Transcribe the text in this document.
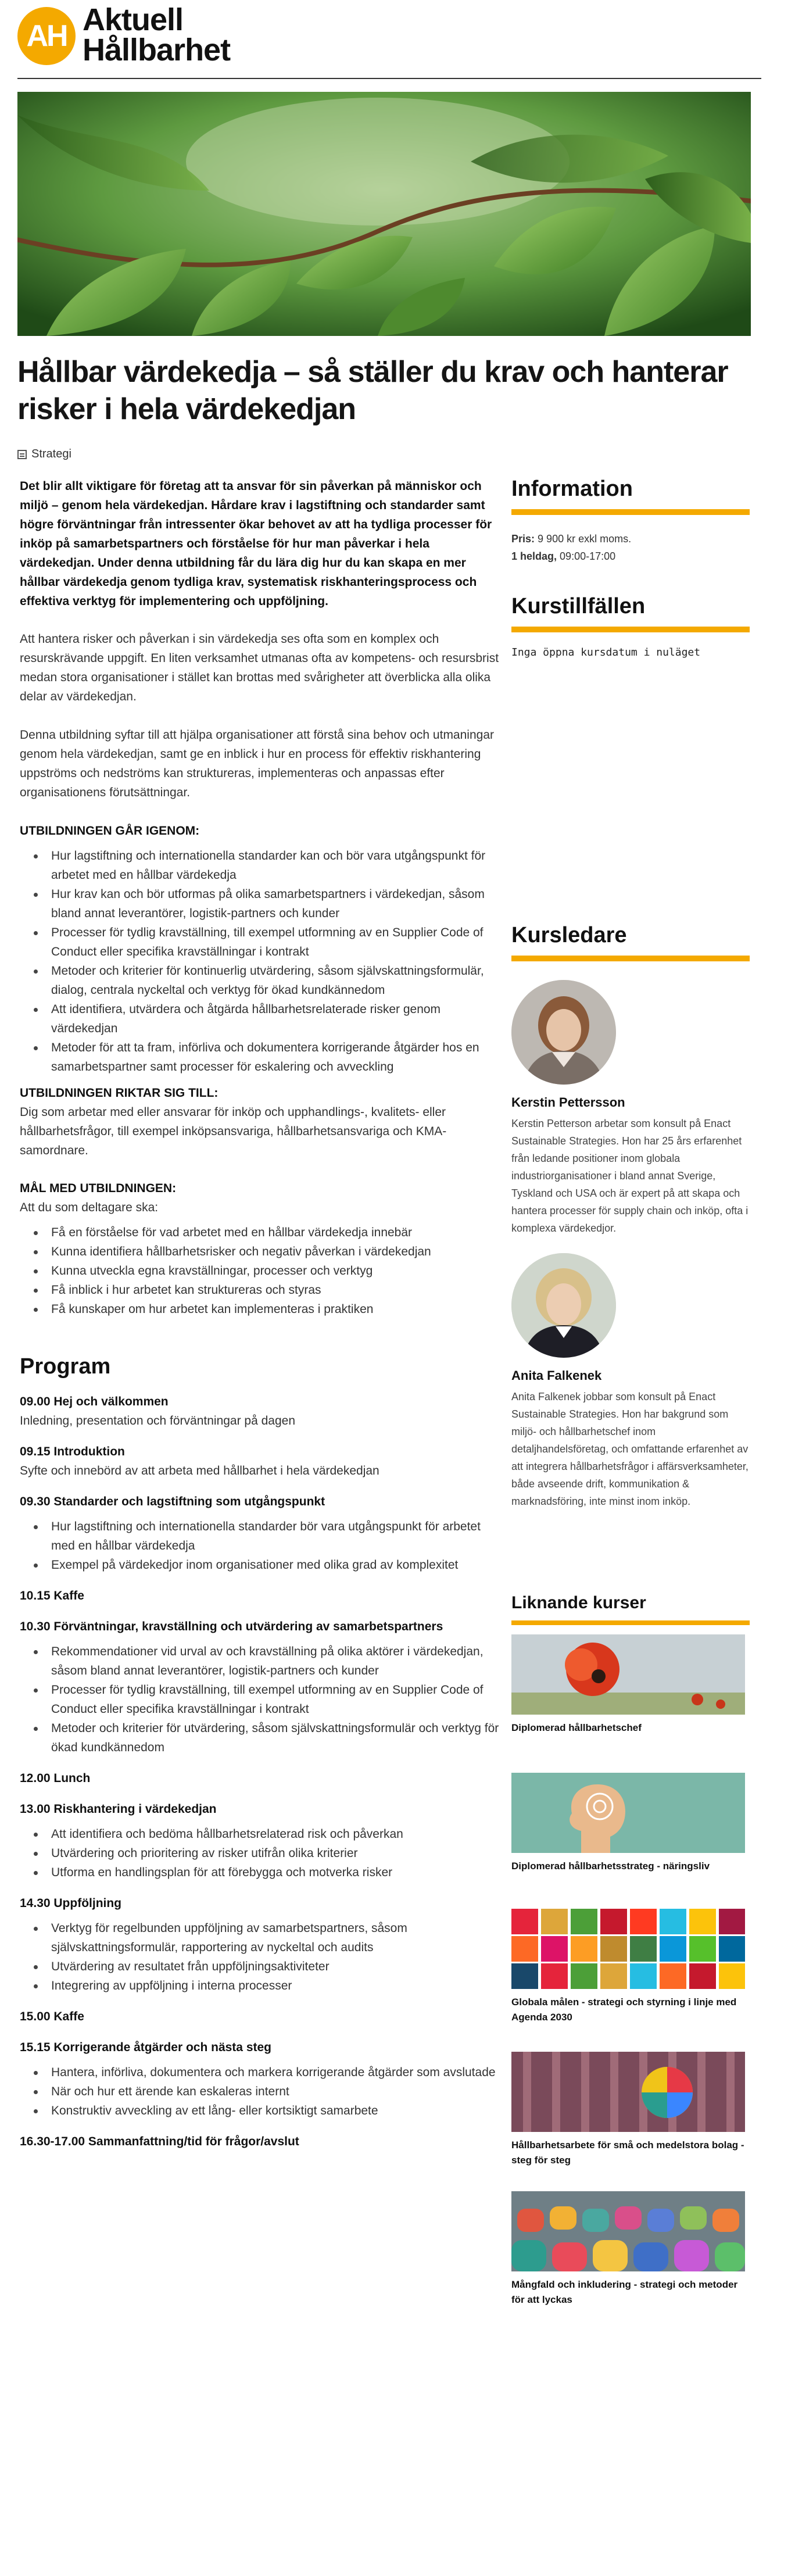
AH Aktuell
Hållbarhet
Hållbar värdekedja – så ställer du krav och hanterar risker i hela värdekedjan
Strategi

Det blir allt viktigare för företag att ta ansvar för sin påverkan på människor och miljö – genom hela värdekedjan. Hårdare krav i lagstiftning och standarder samt högre förväntningar från intressenter ökar behovet av att ha tydliga processer för inköp på samarbetspartners och förståelse för hur man påverkar i hela värdekedjan. Under denna utbildning får du lära dig hur du kan skapa en mer hållbar värdekedja genom tydliga krav, systematisk riskhanteringsprocess och effektiva verktyg för implementering och uppföljning.

Att hantera risker och påverkan i sin värdekedja ses ofta som en komplex och resurskrävande uppgift. En liten verksamhet utmanas ofta av kompetens- och resursbrist medan stora organisationer i stället kan brottas med svårigheter att överblicka alla olika delar av värdekedjan.

Denna utbildning syftar till att hjälpa organisationer att förstå sina behov och utmaningar genom hela värdekedjan, samt ge en inblick i hur en process för effektiv riskhantering uppströms och nedströms kan struktureras, implementeras och anpassas efter organisationens förutsättningar.

UTBILDNINGEN GÅR IGENOM:

Hur lagstiftning och internationella standarder kan och bör vara utgångspunkt för arbetet med en hållbar värdekedja
Hur krav kan och bör utformas på olika samarbetspartners i värdekedjan, såsom bland annat leverantörer, logistik-partners och kunder
Processer för tydlig kravställning, till exempel utformning av en Supplier Code of Conduct eller specifika kravställningar i kontrakt
Metoder och kriterier för kontinuerlig utvärdering, såsom självskattningsformulär, dialog, centrala nyckeltal och verktyg för ökad kundkännedom
Att identifiera, utvärdera och åtgärda hållbarhetsrelaterade risker genom värdekedjan
Metoder för att ta fram, införliva och dokumentera korrigerande åtgärder hos en samarbetspartner samt processer för eskalering och avveckling

UTBILDNINGEN RIKTAR SIG TILL:

Dig som arbetar med eller ansvarar för inköp och upphandlings-, kvalitets- eller hållbarhetsfrågor, till exempel inköpsansvariga, hållbarhetsansvariga och KMA-samordnare.

MÅL MED UTBILDNINGEN:

Att du som deltagare ska:

Få en förståelse för vad arbetet med en hållbar värdekedja innebär
Kunna identifiera hållbarhetsrisker och negativ påverkan i värdekedjan
Kunna utveckla egna kravställningar, processer och verktyg
Få inblick i hur arbetet kan struktureras och styras
Få kunskaper om hur arbetet kan implementeras i praktiken
Program

09.00 Hej och välkommen

Inledning, presentation och förväntningar på dagen

09.15 Introduktion

Syfte och innebörd av att arbeta med hållbarhet i hela värdekedjan

09.30 Standarder och lagstiftning som utgångspunkt

Hur lagstiftning och internationella standarder bör vara utgångspunkt för arbetet med en hållbar värdekedja
Exempel på värdekedjor inom organisationer med olika grad av komplexitet

10.15 Kaffe

10.30 Förväntningar, kravställning och utvärdering av samarbetspartners

Rekommendationer vid urval av och kravställning på olika aktörer i värdekedjan, såsom bland annat leverantörer, logistik-partners och kunder
Processer för tydlig kravställning, till exempel utformning av en Supplier Code of Conduct eller specifika kravställningar i kontrakt
Metoder och kriterier för utvärdering, såsom självskattningsformulär och verktyg för ökad kundkännedom

12.00 Lunch

13.00 Riskhantering i värdekedjan

Att identifiera och bedöma hållbarhetsrelaterad risk och påverkan
Utvärdering och prioritering av risker utifrån olika kriterier
Utforma en handlingsplan för att förebygga och motverka risker

14.30 Uppföljning

Verktyg för regelbunden uppföljning av samarbetspartners, såsom självskattningsformulär, rapportering av nyckeltal och audits
Utvärdering av resultatet från uppföljningsaktiviteter
Integrering av uppföljning i interna processer

15.00 Kaffe

15.15 Korrigerande åtgärder och nästa steg

Hantera, införliva, dokumentera och markera korrigerande åtgärder som avslutade
När och hur ett ärende kan eskaleras internt
Konstruktiv avveckling av ett lång- eller kortsiktigt samarbete

16.30-17.00 Sammanfattning/tid för frågor/avslut

Information
Pris: 9 900 kr exkl moms.
1 heldag, 09:00-17:00
Kurstillfällen
Inga öppna kursdatum i nuläget
Kursledare

Kerstin Pettersson

Kerstin Petterson arbetar som konsult på Enact Sustainable Strategies. Hon har 25 års erfarenhet från ledande positioner inom globala industriorganisationer i bland annat Sverige, Tyskland och USA och är expert på att skapa och hantera processer för supply chain och inköp, ofta i komplexa värdekedjor.

Anita Falkenek

Anita Falkenek jobbar som konsult på Enact Sustainable Strategies. Hon har bakgrund som miljö- och hållbarhetschef inom detaljhandelsföretag, och omfattande erfarenhet av att integrera hållbarhetsfrågor i affärsverksamheter, både avseende drift, kommunikation & marknadsföring, inte minst inom inköp.

Liknande kurser

Diplomerad hållbarhetschef

Diplomerad hållbarhetsstrateg - näringsliv

Globala målen - strategi och styrning i linje med Agenda 2030

Hållbarhetsarbete för små och medelstora bolag - steg för steg

Mångfald och inkludering - strategi och metoder för att lyckas
